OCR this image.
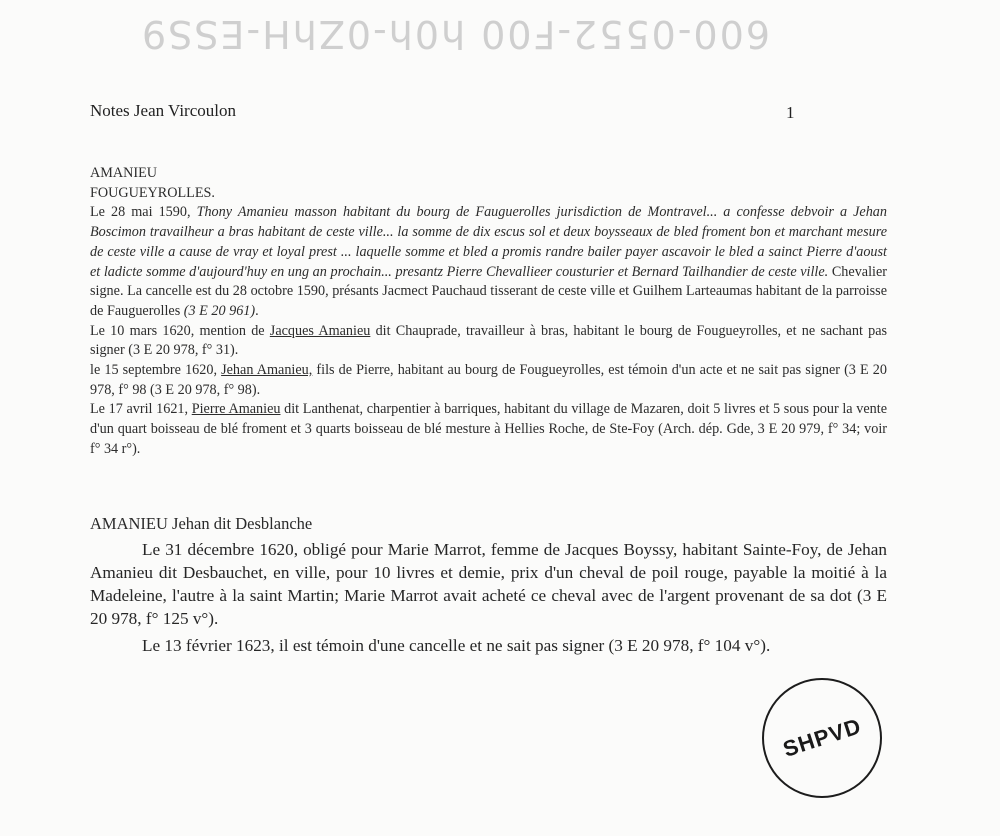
600-0552-F00 h0h-0ZhH-ESS9
Notes Jean Vircoulon	1

AMANIEU

FOUGUEYROLLES.

Le 28 mai 1590, Thony Amanieu masson habitant du bourg de Fauguerolles jurisdiction de Montravel... a confesse debvoir a Jehan Boscimon travailheur a bras habitant de ceste ville... la somme de dix escus sol et deux boysseaux de bled froment bon et marchant mesure de ceste ville a cause de vray et loyal prest ... laquelle somme et bled a promis randre bailer payer ascavoir le bled a sainct Pierre d'aoust et ladicte somme d'aujourd'huy en ung an prochain... presantz Pierre Chevallieer cousturier et Bernard Tailhandier de ceste ville. Chevalier signe. La cancelle est du 28 octobre 1590, présants Jacmect Pauchaud tisserant de ceste ville et Guilhem Larteaumas habitant de la parroisse de Fauguerolles (3 E 20 961).

Le 10 mars 1620, mention de Jacques Amanieu dit Chauprade, travailleur à bras, habitant le bourg de Fougueyrolles, et ne sachant pas signer (3 E 20 978, f° 31).

le 15 septembre 1620, Jehan Amanieu, fils de Pierre, habitant au bourg de Fougueyrolles, est témoin d'un acte et ne sait pas signer (3 E 20 978, f° 98 (3 E 20 978, f° 98).

Le 17 avril 1621, Pierre Amanieu dit Lanthenat, charpentier à barriques, habitant du village de Mazaren, doit 5 livres et 5 sous pour la vente d'un quart boisseau de blé froment et 3 quarts boisseau de blé mesture à Hellies Roche, de Ste-Foy (Arch. dép. Gde, 3 E 20 979, f° 34; voir f° 34 r°).

AMANIEU Jehan dit Desblanche

Le 31 décembre 1620, obligé pour Marie Marrot, femme de Jacques Boyssy, habitant Sainte-Foy, de Jehan Amanieu dit Desbauchet, en ville, pour 10 livres et demie, prix d'un cheval de poil rouge, payable la moitié à la Madeleine, l'autre à la saint Martin; Marie Marrot avait acheté ce cheval avec de l'argent provenant de sa dot (3 E 20 978, f° 125 v°).

Le 13 février 1623, il est témoin d'une cancelle et ne sait pas signer (3 E 20 978, f° 104 v°).

SHPVD
